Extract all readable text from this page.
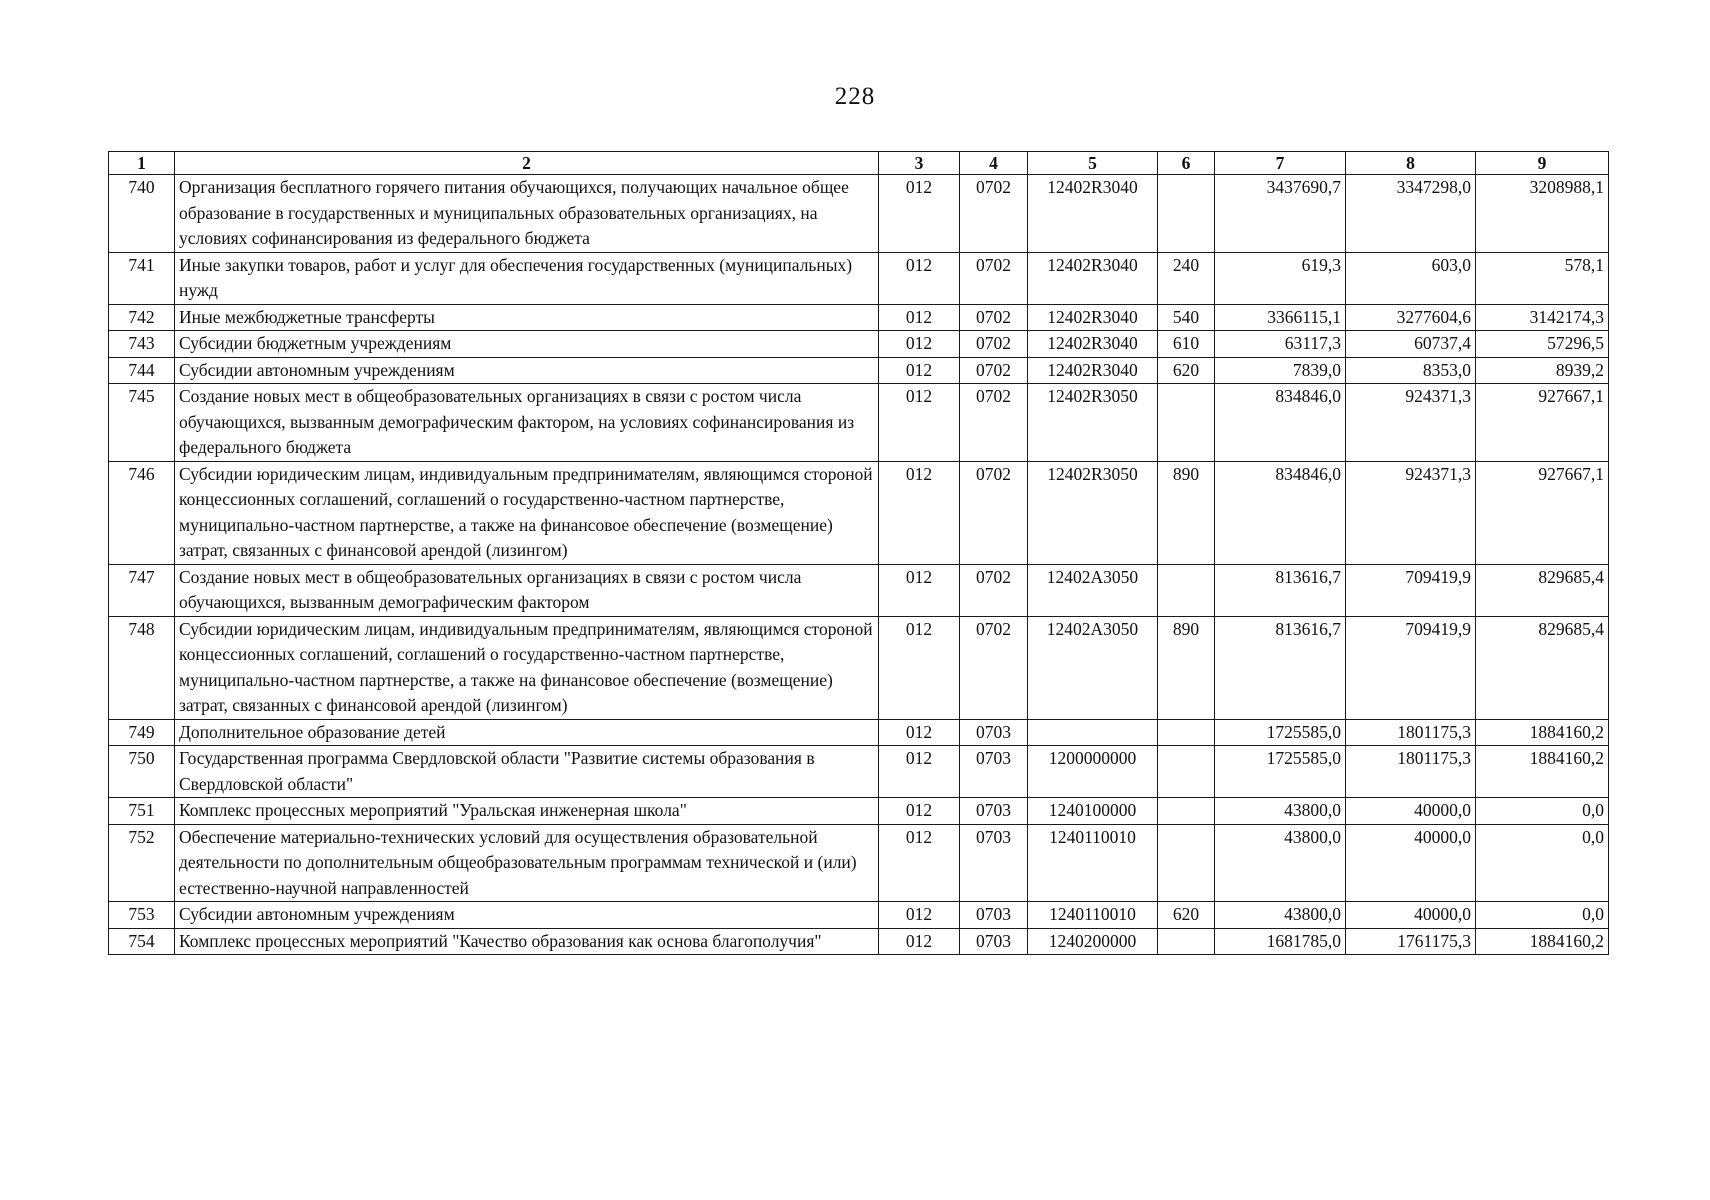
228
1	2	3	4	5	6	7	8	9
740	Организация бесплатного горячего питания обучающихся, получающих начальное общее образование в государственных и муниципальных образовательных организациях, на условиях софинансирования из федерального бюджета	012	0702	12402R3040		3437690,7	3347298,0	3208988,1
741	Иные закупки товаров, работ и услуг для обеспечения государственных (муниципальных) нужд	012	0702	12402R3040	240	619,3	603,0	578,1
742	Иные межбюджетные трансферты	012	0702	12402R3040	540	3366115,1	3277604,6	3142174,3
743	Субсидии бюджетным учреждениям	012	0702	12402R3040	610	63117,3	60737,4	57296,5
744	Субсидии автономным учреждениям	012	0702	12402R3040	620	7839,0	8353,0	8939,2
745	Создание новых мест в общеобразовательных организациях в связи с ростом числа обучающихся, вызванным демографическим фактором, на условиях софинансирования из федерального бюджета	012	0702	12402R3050		834846,0	924371,3	927667,1
746	Субсидии юридическим лицам, индивидуальным предпринимателям, являющимся стороной концессионных соглашений, соглашений о государственно-частном партнерстве, муниципально-частном партнерстве, а также на финансовое обеспечение (возмещение) затрат, связанных с финансовой арендой (лизингом)	012	0702	12402R3050	890	834846,0	924371,3	927667,1
747	Создание новых мест в общеобразовательных организациях в связи с ростом числа обучающихся, вызванным демографическим фактором	012	0702	12402A3050		813616,7	709419,9	829685,4
748	Субсидии юридическим лицам, индивидуальным предпринимателям, являющимся стороной концессионных соглашений, соглашений о государственно-частном партнерстве, муниципально-частном партнерстве, а также на финансовое обеспечение (возмещение) затрат, связанных с финансовой арендой (лизингом)	012	0702	12402A3050	890	813616,7	709419,9	829685,4
749	Дополнительное образование детей	012	0703			1725585,0	1801175,3	1884160,2
750	Государственная программа Свердловской области "Развитие системы образования в Свердловской области"	012	0703	1200000000		1725585,0	1801175,3	1884160,2
751	Комплекс процессных мероприятий "Уральская инженерная школа"	012	0703	1240100000		43800,0	40000,0	0,0
752	Обеспечение материально-технических условий для осуществления образовательной деятельности по дополнительным общеобразовательным программам технической и (или) естественно-научной направленностей	012	0703	1240110010		43800,0	40000,0	0,0
753	Субсидии автономным учреждениям	012	0703	1240110010	620	43800,0	40000,0	0,0
754	Комплекс процессных мероприятий "Качество образования как основа благополучия"	012	0703	1240200000		1681785,0	1761175,3	1884160,2
